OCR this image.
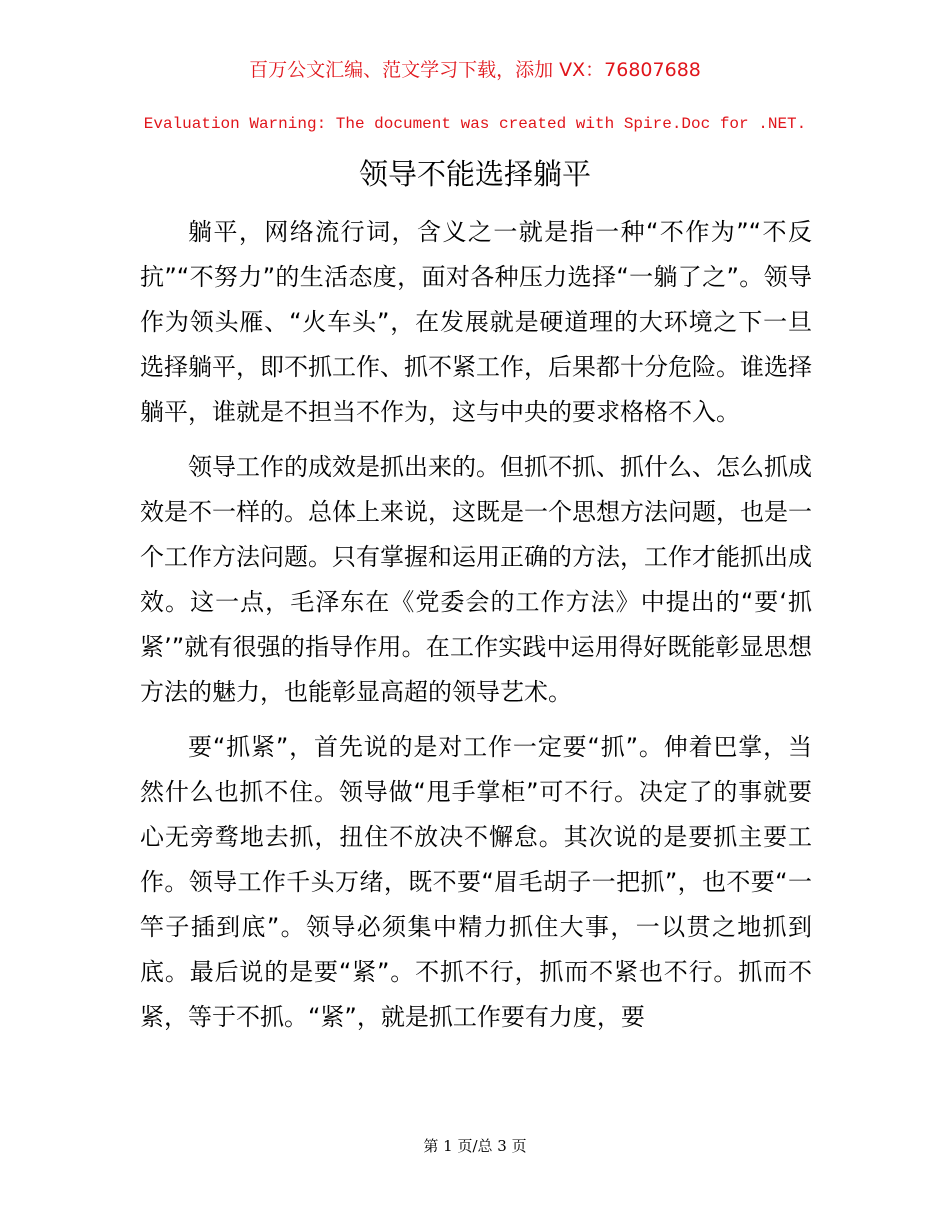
百万公文汇编、范文学习下载，添加 VX：76807688
Evaluation Warning: The document was created with Spire.Doc for .NET.
领导不能选择躺平

躺平，网络流行词，含义之一就是指一种“不作为”“不反抗”“不努力”的生活态度，面对各种压力选择“一躺了之”。领导作为领头雁、“火车头”，在发展就是硬道理的大环境之下一旦选择躺平，即不抓工作、抓不紧工作，后果都十分危险。谁选择躺平，谁就是不担当不作为，这与中央的要求格格不入。

领导工作的成效是抓出来的。但抓不抓、抓什么、怎么抓成效是不一样的。总体上来说，这既是一个思想方法问题，也是一个工作方法问题。只有掌握和运用正确的方法，工作才能抓出成效。这一点，毛泽东在《党委会的工作方法》中提出的“要‘抓紧’”就有很强的指导作用。在工作实践中运用得好既能彰显思想方法的魅力，也能彰显高超的领导艺术。

要“抓紧”，首先说的是对工作一定要“抓”。伸着巴掌，当然什么也抓不住。领导做“甩手掌柜”可不行。决定了的事就要心无旁骛地去抓，扭住不放决不懈怠。其次说的是要抓主要工作。领导工作千头万绪，既不要“眉毛胡子一把抓”，也不要“一竿子插到底”。领导必须集中精力抓住大事，一以贯之地抓到底。最后说的是要“紧”。不抓不行，抓而不紧也不行。抓而不紧，等于不抓。“紧”，就是抓工作要有力度，要

第 1 页/总 3 页
